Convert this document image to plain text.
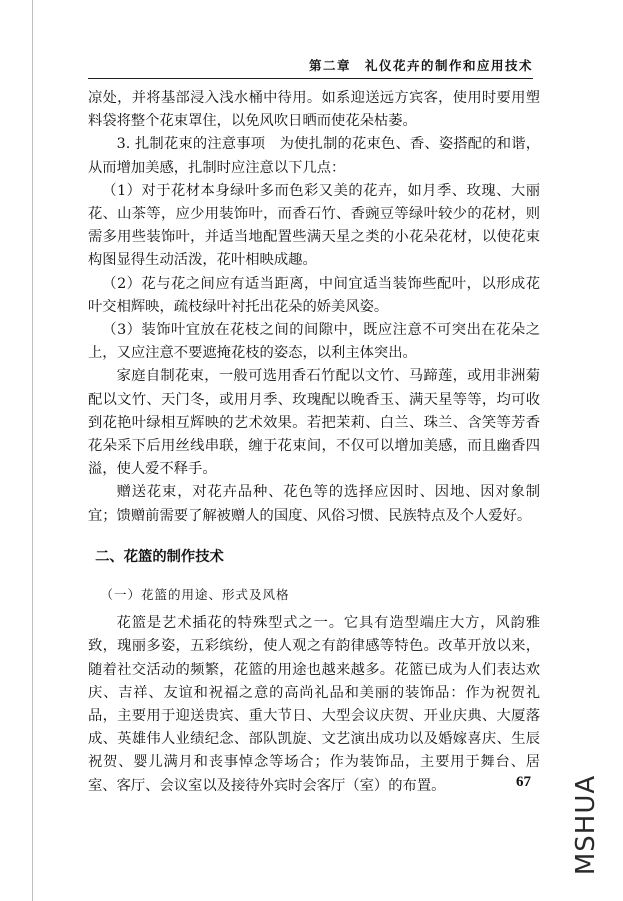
第二章　礼仪花卉的制作和应用技术

凉处，并将基部浸入浅水桶中待用。如系迎送远方宾客，使用时要用塑料袋将整个花束罩住，以免风吹日晒而使花朵枯萎。

3. 扎制花束的注意事项　为使扎制的花束色、香、姿搭配的和谐，从而增加美感，扎制时应注意以下几点：

（1）对于花材本身绿叶多而色彩又美的花卉，如月季、玫瑰、大丽花、山茶等，应少用装饰叶，而香石竹、香豌豆等绿叶较少的花材，则需多用些装饰叶，并适当地配置些满天星之类的小花朵花材，以使花束构图显得生动活泼，花叶相映成趣。

（2）花与花之间应有适当距离，中间宜适当装饰些配叶，以形成花叶交相辉映，疏枝绿叶衬托出花朵的娇美风姿。

（3）装饰叶宜放在花枝之间的间隙中，既应注意不可突出在花朵之上，又应注意不要遮掩花枝的姿态，以利主体突出。

家庭自制花束，一般可选用香石竹配以文竹、马蹄莲，或用非洲菊配以文竹、天门冬，或用月季、玫瑰配以晚香玉、满天星等等，均可收到花艳叶绿相互辉映的艺术效果。若把茉莉、白兰、珠兰、含笑等芳香花朵采下后用丝线串联，缠于花束间，不仅可以增加美感，而且幽香四溢，使人爱不释手。

赠送花束，对花卉品种、花色等的选择应因时、因地、因对象制宜；馈赠前需要了解被赠人的国度、风俗习惯、民族特点及个人爱好。

二、花篮的制作技术

（一）花篮的用途、形式及风格

花篮是艺术插花的特殊型式之一。它具有造型端庄大方，风韵雅致，瑰丽多姿，五彩缤纷，使人观之有韵律感等特色。改革开放以来，随着社交活动的频繁，花篮的用途也越来越多。花篮已成为人们表达欢庆、吉祥、友谊和祝福之意的高尚礼品和美丽的装饰品：作为祝贺礼品，主要用于迎送贵宾、重大节日、大型会议庆贺、开业庆典、大厦落成、英雄伟人业绩纪念、部队凯旋、文艺演出成功以及婚嫁喜庆、生辰祝贺、婴儿满月和丧事悼念等场合；作为装饰品，主要用于舞台、居室、客厅、会议室以及接待外宾时会客厅（室）的布置。	67 MSHUA
